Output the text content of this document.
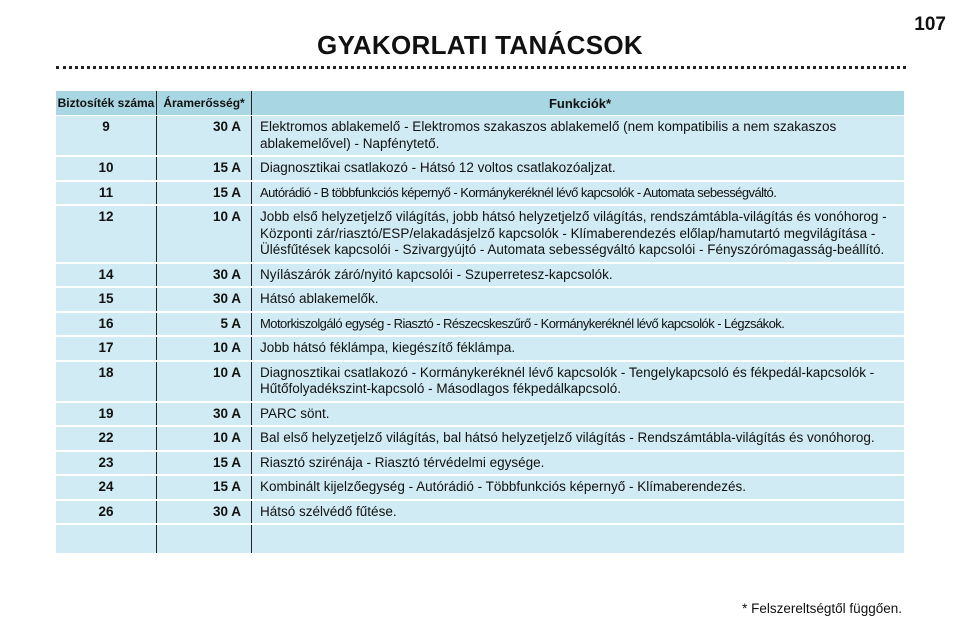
107
GYAKORLATI TANÁCSOK
Biztosíték száma	Áramerősség*	Funkciók*
9	30 A	Elektromos ablakemelő - Elektromos szakaszos ablakemelő (nem kompatibilis a nem szakaszos ablakemelővel) - Napfénytető.
10	15 A	Diagnosztikai csatlakozó - Hátsó 12 voltos csatlakozóaljzat.
11	15 A	Autórádió - B többfunkciós képernyő - Kormánykeréknél lévő kapcsolók - Automata sebességváltó.
12	10 A	Jobb első helyzetjelző világítás, jobb hátsó helyzetjelző világítás, rendszámtábla-világítás és vonóhorog - Központi zár/riasztó/ESP/elakadásjelző kapcsolók - Klímaberendezés előlap/hamutartó megvilágítása - Ülésfűtések kapcsolói - Szivargyújtó - Automata sebességváltó kapcsolói - Fényszórómagasság-beállító.
14	30 A	Nyílászárók záró/nyitó kapcsolói - Szuperretesz-kapcsolók.
15	30 A	Hátsó ablakemelők.
16	5 A	Motorkiszolgáló egység - Riasztó - Részecskeszűrő - Kormánykeréknél lévő kapcsolók - Légzsákok.
17	10 A	Jobb hátsó féklámpa, kiegészítő féklámpa.
18	10 A	Diagnosztikai csatlakozó - Kormánykeréknél lévő kapcsolók - Tengelykapcsoló és fékpedál-kapcsolók - Hűtőfolyadékszint-kapcsoló - Másodlagos fékpedálkapcsoló.
19	30 A	PARC sönt.
22	10 A	Bal első helyzetjelző világítás, bal hátsó helyzetjelző világítás - Rendszámtábla-világítás és vonóhorog.
23	15 A	Riasztó szirénája - Riasztó térvédelmi egysége.
24	15 A	Kombinált kijelzőegység - Autórádió - Többfunkciós képernyő - Klímaberendezés.
26	30 A	Hátsó szélvédő fűtése.

* Felszereltségtől függően.
